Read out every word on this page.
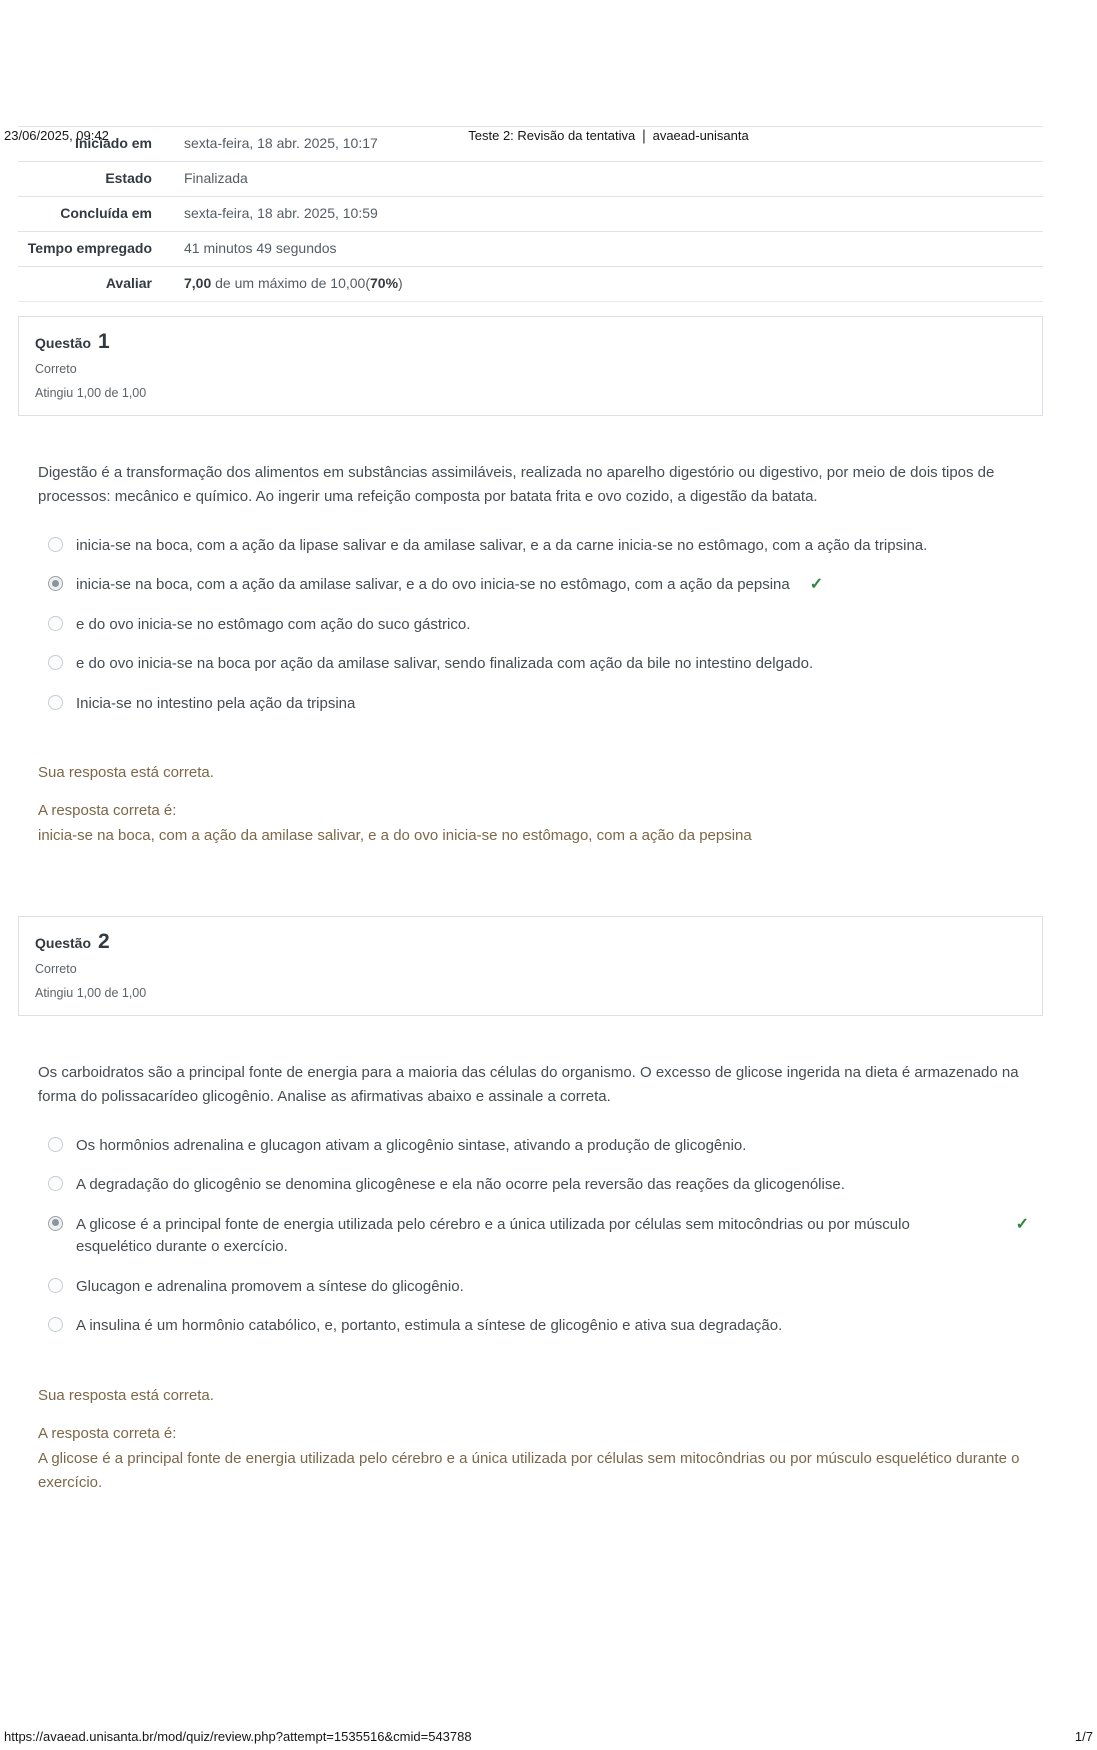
23/06/2025, 09:42	Teste 2: Revisão da tentativa | avaead-unisanta
Iniciado em	sexta-feira, 18 abr. 2025, 10:17
Estado	Finalizada
Concluída em	sexta-feira, 18 abr. 2025, 10:59
Tempo empregado	41 minutos 49 segundos
Avaliar	7,00 de um máximo de 10,00(70%)
Questão 1
Correto
Atingiu 1,00 de 1,00

Digestão é a transformação dos alimentos em substâncias assimiláveis, realizada no aparelho digestório ou digestivo, por meio de dois tipos de processos: mecânico e químico. Ao ingerir uma refeição composta por batata frita e ovo cozido, a digestão da batata.

inicia-se na boca, com a ação da lipase salivar e da amilase salivar, e a da carne inicia-se no estômago, com a ação da tripsina.
inicia-se na boca, com a ação da amilase salivar, e a do ovo inicia-se no estômago, com a ação da pepsina ✓
e do ovo inicia-se no estômago com ação do suco gástrico.
e do ovo inicia-se na boca por ação da amilase salivar, sendo finalizada com ação da bile no intestino delgado.
Inicia-se no intestino pela ação da tripsina
Sua resposta está correta.
A resposta correta é:
inicia-se na boca, com a ação da amilase salivar, e a do ovo inicia-se no estômago, com a ação da pepsina
Questão 2
Correto
Atingiu 1,00 de 1,00

Os carboidratos são a principal fonte de energia para a maioria das células do organismo. O excesso de glicose ingerida na dieta é armazenado na forma do polissacarídeo glicogênio. Analise as afirmativas abaixo e assinale a correta.

Os hormônios adrenalina e glucagon ativam a glicogênio sintase, ativando a produção de glicogênio.
A degradação do glicogênio se denomina glicogênese e ela não ocorre pela reversão das reações da glicogenólise.
A glicose é a principal fonte de energia utilizada pelo cérebro e a única utilizada por células sem mitocôndrias ou por músculo esquelético durante o exercício.
✓
Glucagon e adrenalina promovem a síntese do glicogênio.
A insulina é um hormônio catabólico, e, portanto, estimula a síntese de glicogênio e ativa sua degradação.
Sua resposta está correta.
A resposta correta é:
A glicose é a principal fonte de energia utilizada pelo cérebro e a única utilizada por células sem mitocôndrias ou por músculo esquelético durante o exercício.
https://avaead.unisanta.br/mod/quiz/review.php?attempt=1535516&cmid=543788	1/7
